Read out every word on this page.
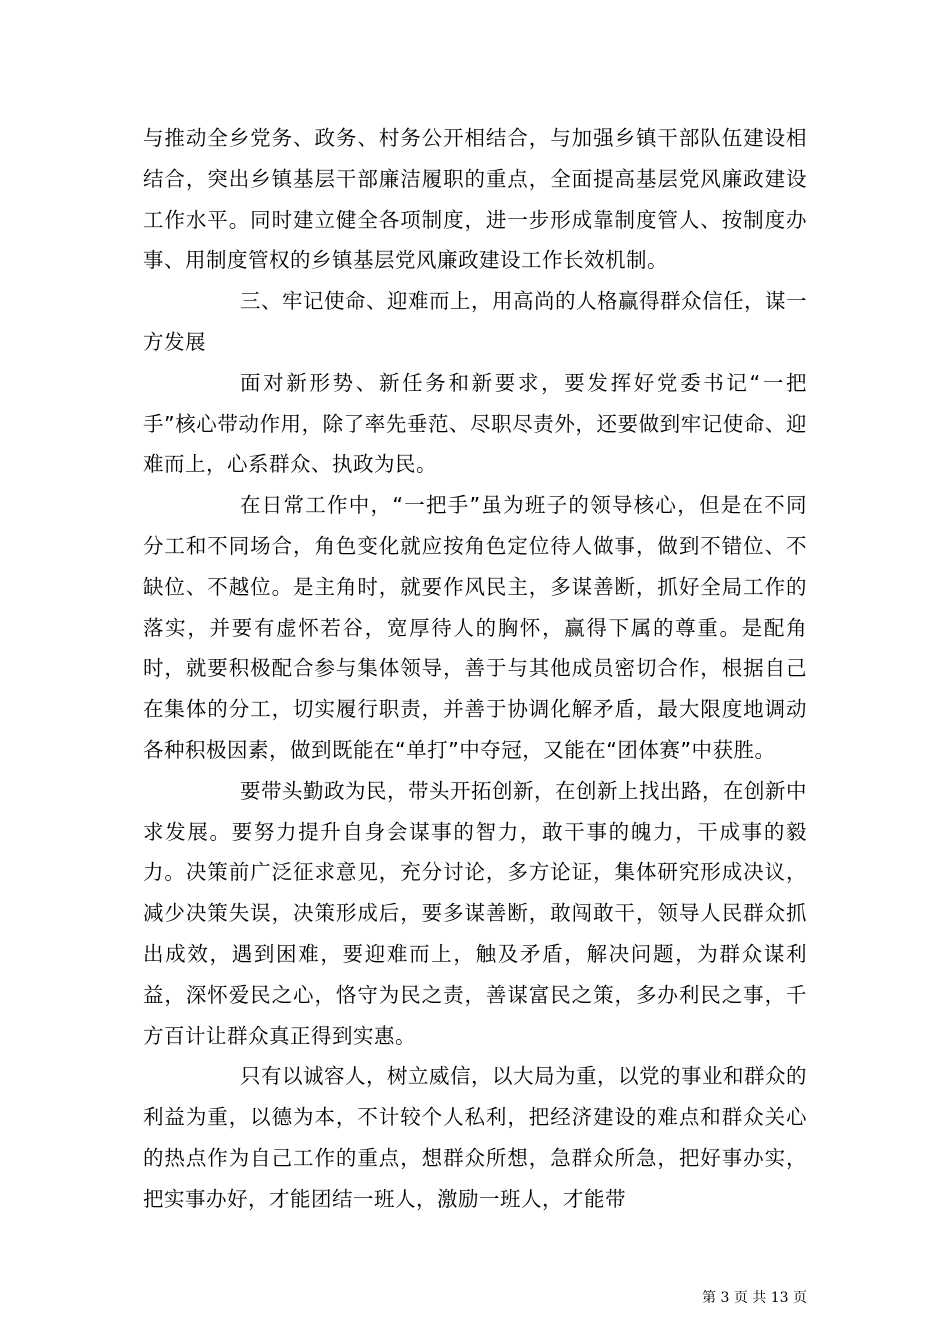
与推动全乡党务、政务、村务公开相结合，与加强乡镇干部队伍建设相结合，突出乡镇基层干部廉洁履职的重点，全面提高基层党风廉政建设工作水平。同时建立健全各项制度，进一步形成靠制度管人、按制度办事、用制度管权的乡镇基层党风廉政建设工作长效机制。

三、牢记使命、迎难而上，用高尚的人格赢得群众信任，谋一方发展

面对新形势、新任务和新要求，要发挥好党委书记“一把手”核心带动作用，除了率先垂范、尽职尽责外，还要做到牢记使命、迎难而上，心系群众、执政为民。

在日常工作中，“一把手”虽为班子的领导核心，但是在不同分工和不同场合，角色变化就应按角色定位待人做事，做到不错位、不缺位、不越位。是主角时，就要作风民主，多谋善断，抓好全局工作的落实，并要有虚怀若谷，宽厚待人的胸怀，赢得下属的尊重。是配角时，就要积极配合参与集体领导，善于与其他成员密切合作，根据自己在集体的分工，切实履行职责，并善于协调化解矛盾，最大限度地调动各种积极因素，做到既能在“单打”中夺冠，又能在“团体赛”中获胜。

要带头勤政为民，带头开拓创新，在创新上找出路，在创新中求发展。要努力提升自身会谋事的智力，敢干事的魄力，干成事的毅力。决策前广泛征求意见，充分讨论，多方论证，集体研究形成决议，减少决策失误，决策形成后，要多谋善断，敢闯敢干，领导人民群众抓出成效，遇到困难，要迎难而上，触及矛盾，解决问题，为群众谋利益，深怀爱民之心，恪守为民之责，善谋富民之策，多办利民之事，千方百计让群众真正得到实惠。

只有以诚容人，树立威信，以大局为重，以党的事业和群众的利益为重，以德为本，不计较个人私利，把经济建设的难点和群众关心的热点作为自己工作的重点，想群众所想，急群众所急，把好事办实，把实事办好，才能团结一班人，激励一班人，才能带

第 3 页 共 13 页
